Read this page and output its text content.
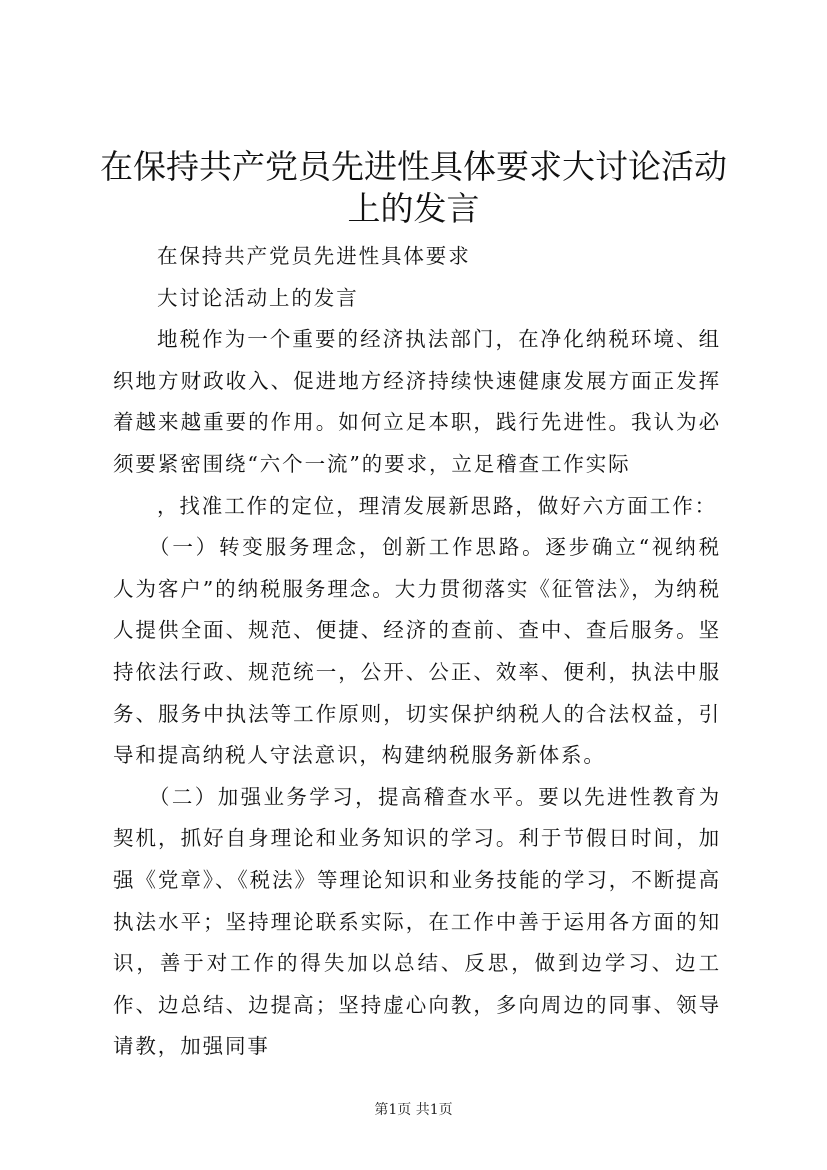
在保持共产党员先进性具体要求大讨论活动上的发言

在保持共产党员先进性具体要求

大讨论活动上的发言

地税作为一个重要的经济执法部门，在净化纳税环境、组织地方财政收入、促进地方经济持续快速健康发展方面正发挥着越来越重要的作用。如何立足本职，践行先进性。我认为必须要紧密围绕“六个一流”的要求，立足稽查工作实际

，找准工作的定位，理清发展新思路，做好六方面工作：

（一）转变服务理念，创新工作思路。逐步确立“视纳税人为客户”的纳税服务理念。大力贯彻落实《征管法》，为纳税人提供全面、规范、便捷、经济的查前、查中、查后服务。坚持依法行政、规范统一，公开、公正、效率、便利，执法中服务、服务中执法等工作原则，切实保护纳税人的合法权益，引导和提高纳税人守法意识，构建纳税服务新体系。

（二）加强业务学习，提高稽查水平。要以先进性教育为契机，抓好自身理论和业务知识的学习。利于节假日时间，加强《党章》、《税法》等理论知识和业务技能的学习，不断提高执法水平；坚持理论联系实际，在工作中善于运用各方面的知识，善于对工作的得失加以总结、反思，做到边学习、边工作、边总结、边提高；坚持虚心向教，多向周边的同事、领导请教，加强同事

第1页 共1页
